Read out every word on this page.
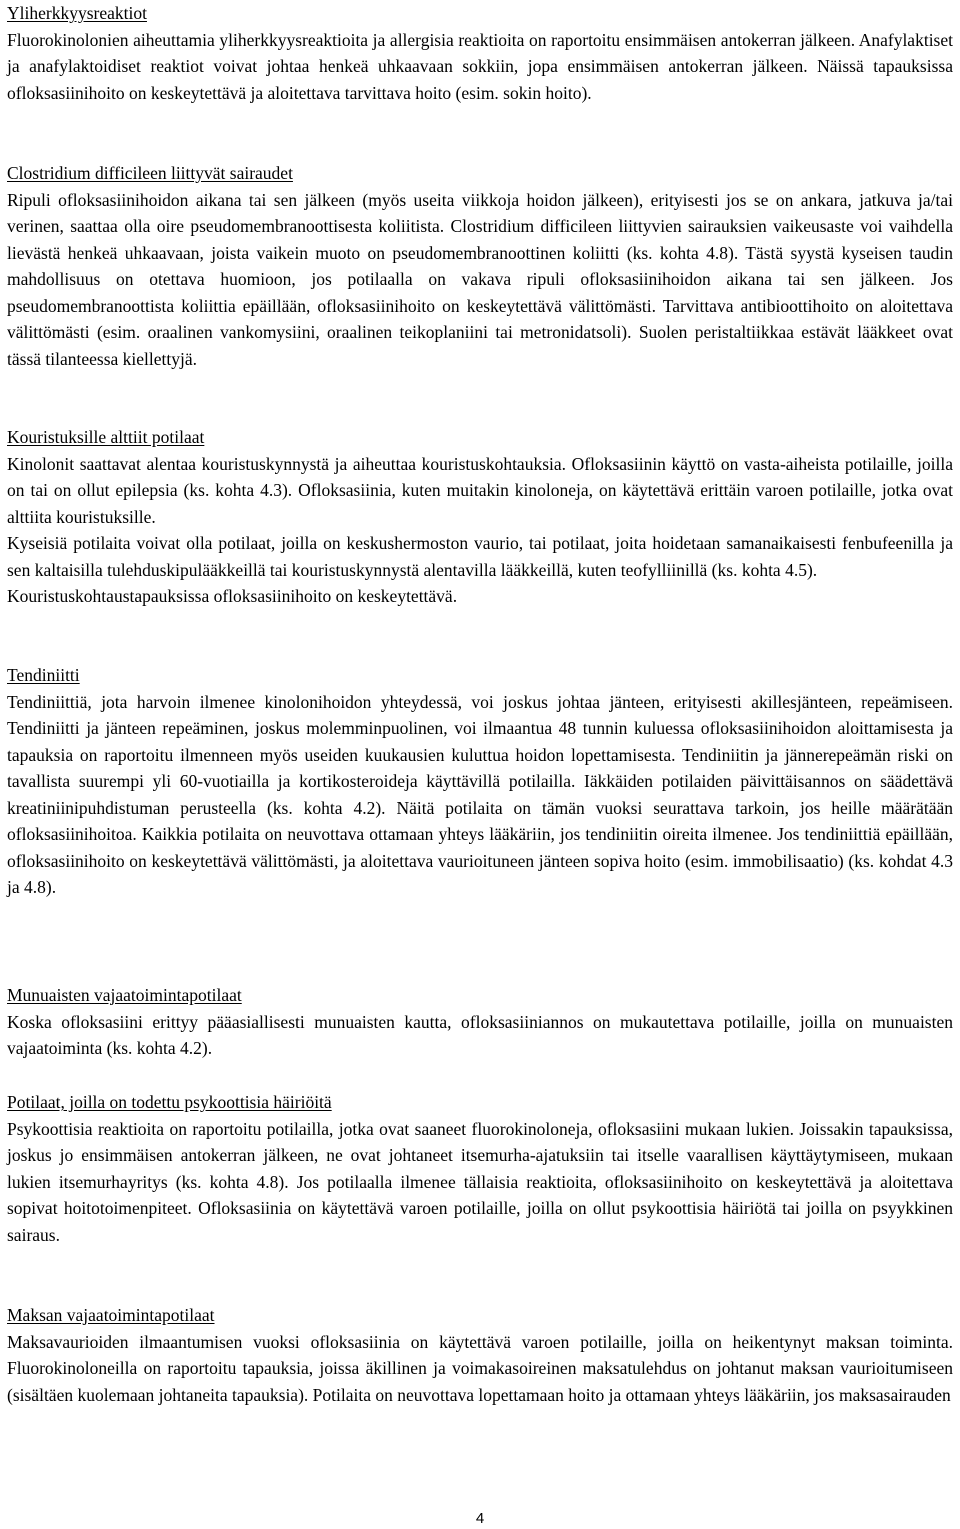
Yliherkkyysreaktiot
Fluorokinolonien aiheuttamia yliherkkyysreaktioita ja allergisia reaktioita on raportoitu ensimmäisen antokerran jälkeen. Anafylaktiset ja anafylaktoidiset reaktiot voivat johtaa henkeä uhkaavaan sokkiin, jopa ensimmäisen antokerran jälkeen. Näissä tapauksissa ofloksasiinihoito on keskeytettävä ja aloitettava tarvittava hoito (esim. sokin hoito).
Clostridium difficileen liittyvät sairaudet
Ripuli ofloksasiinihoidon aikana tai sen jälkeen (myös useita viikkoja hoidon jälkeen), erityisesti jos se on ankara, jatkuva ja/tai verinen, saattaa olla oire pseudomembranoottisesta koliitista. Clostridium difficileen liittyvien sairauksien vaikeusaste voi vaihdella lievästä henkeä uhkaavaan, joista vaikein muoto on pseudomembranoottinen koliitti (ks. kohta 4.8). Tästä syystä kyseisen taudin mahdollisuus on otettava huomioon, jos potilaalla on vakava ripuli ofloksasiinihoidon aikana tai sen jälkeen. Jos pseudomembranoottista koliittia epäillään, ofloksasiinihoito on keskeytettävä välittömästi. Tarvittava antibioottihoito on aloitettava välittömästi (esim. oraalinen vankomysiini, oraalinen teikoplaniini tai metronidatsoli). Suolen peristaltiikkaa estävät lääkkeet ovat tässä tilanteessa kiellettyjä.
Kouristuksille alttiit potilaat
Kinolonit saattavat alentaa kouristuskynnystä ja aiheuttaa kouristuskohtauksia. Ofloksasiinin käyttö on vasta-aiheista potilaille, joilla on tai on ollut epilepsia (ks. kohta 4.3). Ofloksasiinia, kuten muitakin kinoloneja, on käytettävä erittäin varoen potilaille, jotka ovat alttiita kouristuksille.
Kyseisiä potilaita voivat olla potilaat, joilla on keskushermoston vaurio, tai potilaat, joita hoidetaan samanaikaisesti fenbufeenilla ja sen kaltaisilla tulehduskipulääkkeillä tai kouristuskynnystä alentavilla lääkkeillä, kuten teofylliinillä (ks. kohta 4.5).
Kouristuskohtaustapauksissa ofloksasiinihoito on keskeytettävä.
Tendiniitti
Tendiniittiä, jota harvoin ilmenee kinolonihoidon yhteydessä, voi joskus johtaa jänteen, erityisesti akillesjänteen, repeämiseen. Tendiniitti ja jänteen repeäminen, joskus molemminpuolinen, voi ilmaantua 48 tunnin kuluessa ofloksasiinihoidon aloittamisesta ja tapauksia on raportoitu ilmenneen myös useiden kuukausien kuluttua hoidon lopettamisesta. Tendiniitin ja jännerepeämän riski on tavallista suurempi yli 60-vuotiailla ja kortikosteroideja käyttävillä potilailla. Iäkkäiden potilaiden päivittäisannos on säädettävä kreatiniinipuhdistuman perusteella (ks. kohta 4.2). Näitä potilaita on tämän vuoksi seurattava tarkoin, jos heille määrätään ofloksasiinihoitoa. Kaikkia potilaita on neuvottava ottamaan yhteys lääkäriin, jos tendiniitin oireita ilmenee. Jos tendiniittiä epäillään, ofloksasiinihoito on keskeytettävä välittömästi, ja aloitettava vaurioituneen jänteen sopiva hoito (esim. immobilisaatio) (ks. kohdat 4.3 ja 4.8).
Munuaisten vajaatoimintapotilaat
Koska ofloksasiini erittyy pääasiallisesti munuaisten kautta, ofloksasiiniannos on mukautettava potilaille, joilla on munuaisten vajaatoiminta (ks. kohta 4.2).
Potilaat, joilla on todettu psykoottisia häiriöitä
Psykoottisia reaktioita on raportoitu potilailla, jotka ovat saaneet fluorokinoloneja, ofloksasiini mukaan lukien. Joissakin tapauksissa, joskus jo ensimmäisen antokerran jälkeen, ne ovat johtaneet itsemurha-ajatuksiin tai itselle vaarallisen käyttäytymiseen, mukaan lukien itsemurhayritys (ks. kohta 4.8). Jos potilaalla ilmenee tällaisia reaktioita, ofloksasiinihoito on keskeytettävä ja aloitettava sopivat hoitotoimenpiteet. Ofloksasiinia on käytettävä varoen potilaille, joilla on ollut psykoottisia häiriötä tai joilla on psyykkinen sairaus.
Maksan vajaatoimintapotilaat
Maksavaurioiden ilmaantumisen vuoksi ofloksasiinia on käytettävä varoen potilaille, joilla on heikentynyt maksan toiminta. Fluorokinoloneilla on raportoitu tapauksia, joissa äkillinen ja voimakasoireinen maksatulehdus on johtanut maksan vaurioitumiseen (sisältäen kuolemaan johtaneita tapauksia). Potilaita on neuvottava lopettamaan hoito ja ottamaan yhteys lääkäriin, jos maksasairauden
4
